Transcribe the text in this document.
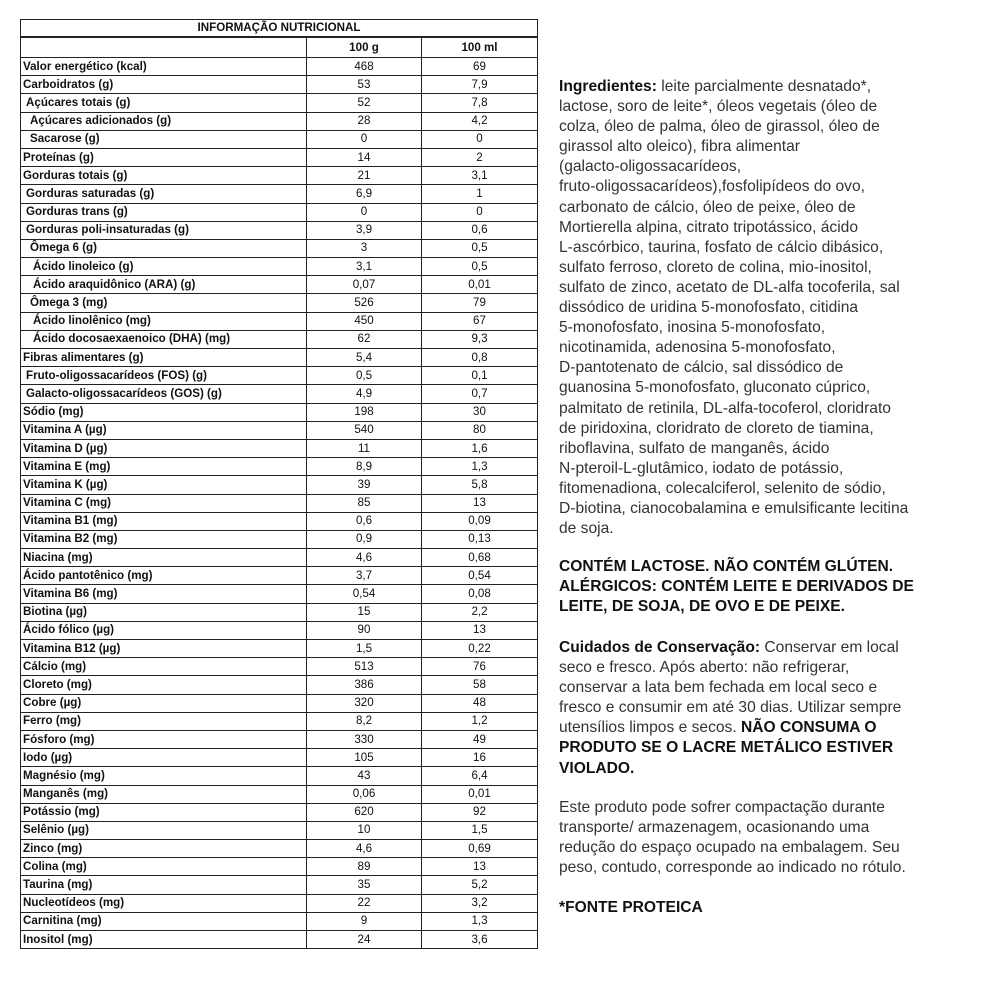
INFORMAÇÃO NUTRICIONAL		
	100 g	100 ml
Valor energético (kcal)	468	69
Carboidratos (g)	53	7,9
Açúcares totais (g)	52	7,8
Açúcares adicionados (g)	28	4,2
Sacarose (g)	0	0
Proteínas (g)	14	2
Gorduras totais (g)	21	3,1
Gorduras saturadas (g)	6,9	1
Gorduras trans (g)	0	0
Gorduras poli-insaturadas (g)	3,9	0,6
Ômega 6 (g)	3	0,5
Ácido linoleico (g)	3,1	0,5
Ácido araquidônico (ARA) (g)	0,07	0,01
Ômega 3 (mg)	526	79
Ácido linolênico (mg)	450	67
Ácido docosaexaenoico (DHA) (mg)	62	9,3
Fibras alimentares (g)	5,4	0,8
Fruto-oligossacarídeos (FOS) (g)	0,5	0,1
Galacto-oligossacarídeos (GOS) (g)	4,9	0,7
Sódio (mg)	198	30
Vitamina A (µg)	540	80
Vitamina D (µg)	11	1,6
Vitamina E (mg)	8,9	1,3
Vitamina K (µg)	39	5,8
Vitamina C (mg)	85	13
Vitamina B1 (mg)	0,6	0,09
Vitamina B2 (mg)	0,9	0,13
Niacina (mg)	4,6	0,68
Ácido pantotênico (mg)	3,7	0,54
Vitamina B6 (mg)	0,54	0,08
Biotina (µg)	15	2,2
Ácido fólico (µg)	90	13
Vitamina B12 (µg)	1,5	0,22
Cálcio (mg)	513	76
Cloreto (mg)	386	58
Cobre (µg)	320	48
Ferro (mg)	8,2	1,2
Fósforo (mg)	330	49
Iodo (µg)	105	16
Magnésio (mg)	43	6,4
Manganês (mg)	0,06	0,01
Potássio (mg)	620	92
Selênio (µg)	10	1,5
Zinco (mg)	4,6	0,69
Colina (mg)	89	13
Taurina (mg)	35	5,2
Nucleotídeos (mg)	22	3,2
Carnitina (mg)	9	1,3
Inositol (mg)	24	3,6
Ingredientes: leite parcialmente desnatado*,
lactose, soro de leite*, óleos vegetais (óleo de
colza, óleo de palma, óleo de girassol, óleo de
girassol alto oleico), fibra alimentar
(galacto-oligossacarídeos,
fruto-oligossacarídeos),fosfolipídeos do ovo,
carbonato de cálcio, óleo de peixe, óleo de
Mortierella alpina, citrato tripotássico, ácido
L-ascórbico, taurina, fosfato de cálcio dibásico,
sulfato ferroso, cloreto de colina, mio-inositol,
sulfato de zinco, acetato de DL-alfa tocoferila, sal
dissódico de uridina 5-monofosfato, citidina
5-monofosfato, inosina 5-monofosfato,
nicotinamida, adenosina 5-monofosfato,
D-pantotenato de cálcio, sal dissódico de
guanosina 5-monofosfato, gluconato cúprico,
palmitato de retinila, DL-alfa-tocoferol, cloridrato
de piridoxina, cloridrato de cloreto de tiamina,
riboflavina, sulfato de manganês, ácido
N-pteroil-L-glutâmico, iodato de potássio,
fitomenadiona, colecalciferol, selenito de sódio,
D-biotina, cianocobalamina e emulsificante lecitina
de soja.
CONTÉM LACTOSE. NÃO CONTÉM GLÚTEN.
ALÉRGICOS: CONTÉM LEITE E DERIVADOS DE
LEITE, DE SOJA, DE OVO E DE PEIXE.
Cuidados de Conservação: Conservar em local
seco e fresco. Após aberto: não refrigerar,
conservar a lata bem fechada em local seco e
fresco e consumir em até 30 dias. Utilizar sempre
utensílios limpos e secos. NÃO CONSUMA O
PRODUTO SE O LACRE METÁLICO ESTIVER
VIOLADO.
Este produto pode sofrer compactação durante
transporte/ armazenagem, ocasionando uma
redução do espaço ocupado na embalagem. Seu
peso, contudo, corresponde ao indicado no rótulo.
*FONTE PROTEICA
